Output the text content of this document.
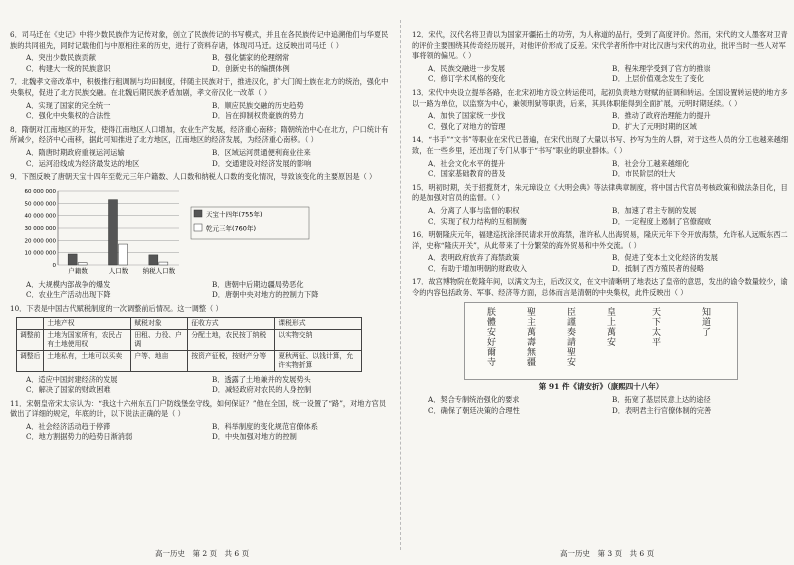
6．司马迁在《史记》中将少数民族作为记传对象，创立了民族传记的书写模式，并且在各民族传记中追溯他们与华夏民族的共同祖先，同时记载他们与中原相往来的历史，进行了资料存诸，体现司马迁。这反映出司马迁（ ）
A．突出少数民族贡献	B．强化儒家的伦理纲常
C．构建大一统的民族意识	D．创新史书的编撰体例
7．北魏孝文帝改革中，积极推行租调制与均田制度，伴随主民族对于，推进汉化，扩大门阀士族在北方的统治，强化中央集权，促进了北方民族交融。在北魏后期民族矛盾加剧，孝文帝汉化一改革（ ）
A．实现了国家的完全统一	B．顺应民族交融的历史趋势
C．强化中央集权的合法性	D．旨在抑制权贵豪族的势力
8．隋朝对江南地区的开发，使得江南地区人口增加，农业生产发展，经济重心南移；隋朝统治中心在北方，户口统计有所减少，经济中心南移，据此可知推进了北方地区，江南地区的经济发展，为经济重心南移。（ ）
A．隋唐时期政府重视运河运输	B．区域运河贯通便利商业往来
C．运河沿线成为经济最发达的地区	D．交通建设对经济发展的影响
9．下图反映了唐朝天宝十四年至乾元三年户籍数、人口数和纳税人口数的变化情况，导致该变化的主要原因是（ ）
60 000 000
50 000 000
40 000 000
30 000 000
20 000 000
10 000 000
0
户籍数	人口数 纳税人口数
天宝十四年(755年)
乾元三年(760年)
A．大规模内部战争的爆发	B．唐朝中后期边疆局势恶化
C．农业生产活动出现下降	D．唐朝中央对地方的控制力下降
10．下表是中国古代赋税制度的一次调整前后情况。这一调整（ ）
	土地产权	赋税对象	征收方式	课税形式
调整前	土地为国家所有，农民占有土地使用权	田租、力役、户调	分配土地，农民按丁纳税	以实物交纳
调整后	土地私有，土地可以买卖	户等、地亩	按资产征税，按财产分等	夏秋两征、以钱计算，允许实物折算
A．适应中国封建经济的发展	B．透露了土地兼并的发展势头
C．解决了国家的财政困难	D．减轻政府对农民的人身控制
11．宋朝皇帝宋太宗认为：“我这十六州东五门户防线堡垒守线，如何保证？”他在全国，统一设置了“路”，对地方官员做出了详细的规定，年底的计，以下说法正确的是（ ）
A．社会经济活动趋于停滞	B．科举制度的变化规范官僚体系
C．地方割据势力的趋势日渐消弱	D．中央加强对地方的控制
12．宋代，汉代名将卫青以为国家开疆拓土的功劳，为人称道的品行，受到了高度评价。然而，宋代的文人墨客对卫青的评价主要围绕其传奇经历展开，对他评价形成了反差。宋代学者所作中对比汉唐与宋代的功业，批评当时一些人对军事将领的偏见。（ ）
A．民族交融进一步发展	B．程朱理学受到了官方的推崇
C．修订学术风格的变化	D．上层价值观念发生了变化
13．宋代中央设立提举各路，在北宋初地方设立转运使司，起初负责地方财赋的征调和转运。全国设置转运使的地方多以一路为单位，以监察为中心，兼领刑狱等职责，后来，其具体职能得到全面扩展，元明时期延续。（ ）
A．加快了国家统一步伐	B．推动了政府治理能力的提升
C．强化了对地方的管理	D．扩大了元明时期的区域
14．“书手”“文书”等职业在宋代已普遍，在宋代出现了大量以书写、抄写为生的人群，对于这些人员的分工也越来越细致，在一些乡里，还出现了专门从事于“书写”职业的职业群体。（ ）
A．社会文化水平的提升	B．社会分工越来越细化
C．国家基础教育的普及	D．市民阶层的壮大
15．明初时期，关于招揽贤才，朱元璋设立《大明会典》等法律典章制度，将中国古代官员考核政策和做法条目化，目的是加强对官员的监督。（ ）
A．分离了人事与监督的职权	B．加速了君主专制的发展
C．实现了权力结构的互相制衡	D．一定程度上遏制了官僚腐败
16．明朝隆庆元年，福建巡抚涂泽民请求开放海禁，准许私人出海贸易，隆庆元年下令开放海禁，允许私人远贩东西二洋，史称“隆庆开关”，从此带来了十分繁荣的海外贸易和中外交流。（ ）
A．表明政府放弃了海禁政策	B．促进了变本土文化经济的发展
C．有助于增加明朝的财政收入	D．抵制了西方殖民者的侵略
17．故宫博物院在乾隆年间，以满文为主，后改汉文，在文中清晰明了地表达了皇帝的意思，发出的谕令数量较少，谕令的内容包括政务、军事、经济等方面，总体而言是清朝的中央集权，此件反映出（ ）
朕體安好爾寺	聖主萬壽無疆	臣謹奏請聖安	皇上萬安	天下太平	知道了
第 91 件《请安折》（康熙四十八年）
A．契合专制统治强化的要求	B．拓宽了基层民意上达的途径
C．确保了朝廷决策的合理性	D．表明君主行官僚体制的完善
高一历史　第 2 页　共 6 页	高一历史　第 3 页　共 6 页
